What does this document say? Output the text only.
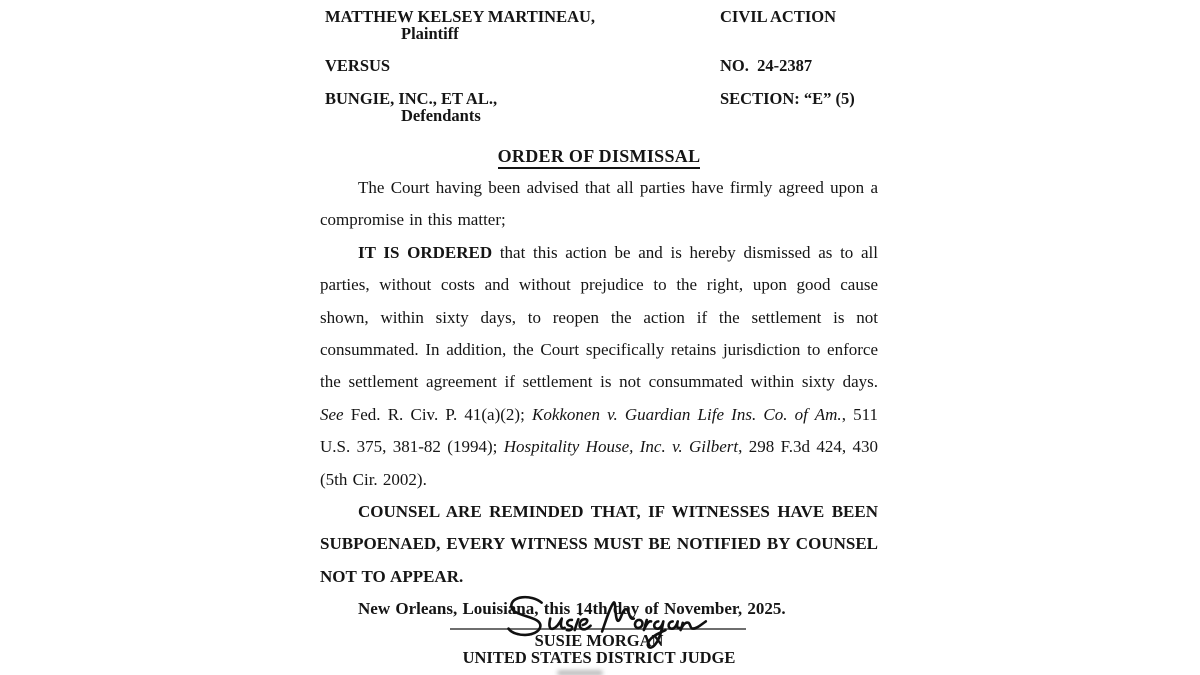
MATTHEW KELSEY MARTINEAU,
Plaintiff
VERSUS
BUNGIE, INC., ET AL.,
Defendants
CIVIL ACTION
NO.  24-2387
SECTION: “E” (5)
ORDER OF DISMISSAL

The Court having been advised that all parties have firmly agreed upon a compromise in this matter;

IT IS ORDERED that this action be and is hereby dismissed as to all parties, without costs and without prejudice to the right, upon good cause shown, within sixty days, to reopen the action if the settlement is not consummated. In addition, the Court specifically retains jurisdiction to enforce the settlement agreement if settlement is not consummated within sixty days. See Fed. R. Civ. P. 41(a)(2); Kokkonen v. Guardian Life Ins. Co. of Am., 511 U.S. 375, 381-82 (1994); Hospitality House, Inc. v. Gilbert, 298 F.3d 424, 430 (5th Cir. 2002).

COUNSEL ARE REMINDED THAT, IF WITNESSES HAVE BEEN SUBPOENAED, EVERY WITNESS MUST BE NOTIFIED BY COUNSEL NOT TO APPEAR.

New Orleans, Louisiana, this 14th day of November, 2025.

SUSIE MORGAN
UNITED STATES DISTRICT JUDGE
